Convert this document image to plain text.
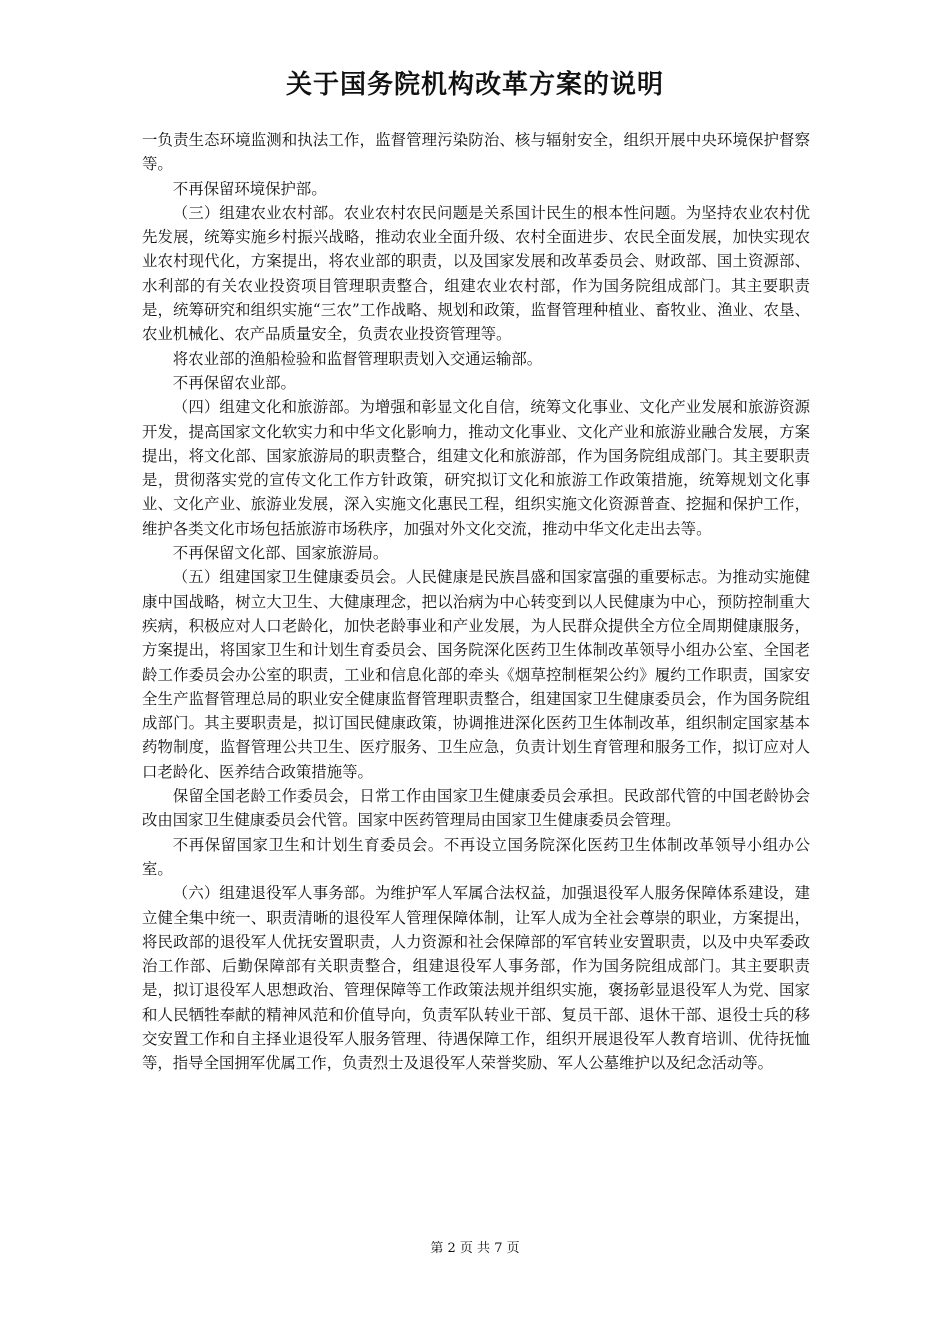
关于国务院机构改革方案的说明

一负责生态环境监测和执法工作，监督管理污染防治、核与辐射安全，组织开展中央环境保护督察等。

不再保留环境保护部。

（三）组建农业农村部。农业农村农民问题是关系国计民生的根本性问题。为坚持农业农村优先发展，统筹实施乡村振兴战略，推动农业全面升级、农村全面进步、农民全面发展，加快实现农业农村现代化，方案提出，将农业部的职责，以及国家发展和改革委员会、财政部、国土资源部、水利部的有关农业投资项目管理职责整合，组建农业农村部，作为国务院组成部门。其主要职责是，统筹研究和组织实施“三农”工作战略、规划和政策，监督管理种植业、畜牧业、渔业、农垦、农业机械化、农产品质量安全，负责农业投资管理等。

将农业部的渔船检验和监督管理职责划入交通运输部。

不再保留农业部。

（四）组建文化和旅游部。为增强和彰显文化自信，统筹文化事业、文化产业发展和旅游资源开发，提高国家文化软实力和中华文化影响力，推动文化事业、文化产业和旅游业融合发展，方案提出，将文化部、国家旅游局的职责整合，组建文化和旅游部，作为国务院组成部门。其主要职责是，贯彻落实党的宣传文化工作方针政策，研究拟订文化和旅游工作政策措施，统筹规划文化事业、文化产业、旅游业发展，深入实施文化惠民工程，组织实施文化资源普查、挖掘和保护工作，维护各类文化市场包括旅游市场秩序，加强对外文化交流，推动中华文化走出去等。

不再保留文化部、国家旅游局。

（五）组建国家卫生健康委员会。人民健康是民族昌盛和国家富强的重要标志。为推动实施健康中国战略，树立大卫生、大健康理念，把以治病为中心转变到以人民健康为中心，预防控制重大疾病，积极应对人口老龄化，加快老龄事业和产业发展，为人民群众提供全方位全周期健康服务，方案提出，将国家卫生和计划生育委员会、国务院深化医药卫生体制改革领导小组办公室、全国老龄工作委员会办公室的职责，工业和信息化部的牵头《烟草控制框架公约》履约工作职责，国家安全生产监督管理总局的职业安全健康监督管理职责整合，组建国家卫生健康委员会，作为国务院组成部门。其主要职责是，拟订国民健康政策，协调推进深化医药卫生体制改革，组织制定国家基本药物制度，监督管理公共卫生、医疗服务、卫生应急，负责计划生育管理和服务工作，拟订应对人口老龄化、医养结合政策措施等。

保留全国老龄工作委员会，日常工作由国家卫生健康委员会承担。民政部代管的中国老龄协会改由国家卫生健康委员会代管。国家中医药管理局由国家卫生健康委员会管理。

不再保留国家卫生和计划生育委员会。不再设立国务院深化医药卫生体制改革领导小组办公室。

（六）组建退役军人事务部。为维护军人军属合法权益，加强退役军人服务保障体系建设，建立健全集中统一、职责清晰的退役军人管理保障体制，让军人成为全社会尊崇的职业，方案提出，将民政部的退役军人优抚安置职责，人力资源和社会保障部的军官转业安置职责，以及中央军委政治工作部、后勤保障部有关职责整合，组建退役军人事务部，作为国务院组成部门。其主要职责是，拟订退役军人思想政治、管理保障等工作政策法规并组织实施，褒扬彰显退役军人为党、国家和人民牺牲奉献的精神风范和价值导向，负责军队转业干部、复员干部、退休干部、退役士兵的移交安置工作和自主择业退役军人服务管理、待遇保障工作，组织开展退役军人教育培训、优待抚恤等，指导全国拥军优属工作，负责烈士及退役军人荣誉奖励、军人公墓维护以及纪念活动等。

第 2 页 共 7 页
